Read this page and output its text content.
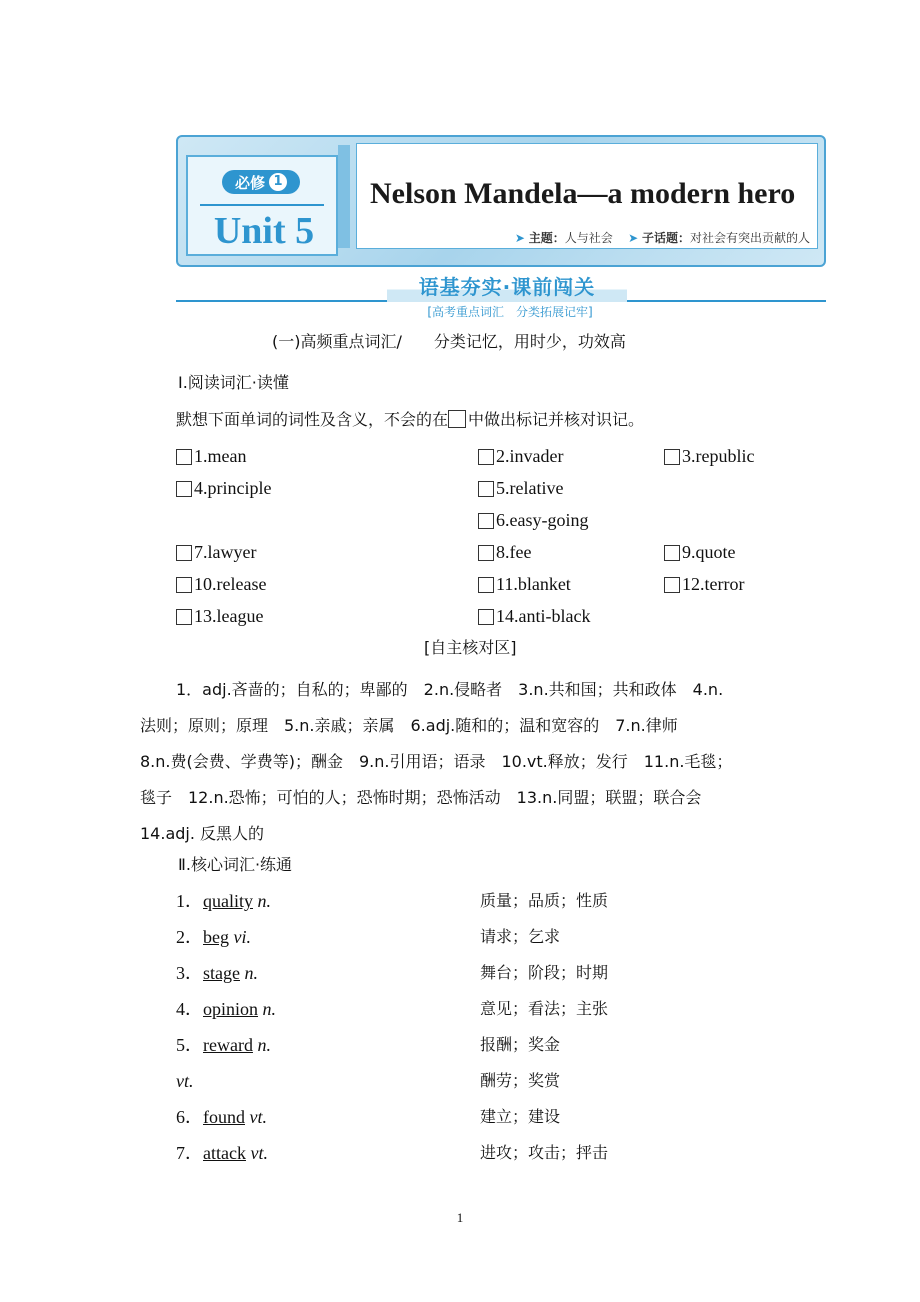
必修 1
Unit 5
Nelson Mandela—a modern hero
➤ 主题：人与社会 ➤ 子话题：对社会有突出贡献的人
语基夯实·课前闯关
[高考重点词汇　分类拓展记牢]
(一)高频重点词汇/　　分类记忆，用时少，功效高
Ⅰ.阅读词汇·读懂
默想下面单词的词性及含义，不会的在 中做出标记并核对识记。
1.mean	2.invader	3.republic
4.principle	5.relative
6.easy-going
7.lawyer	8.fee	9.quote
10.release	11.blanket	12.terror
13.league	14.anti-black
[自主核对区]
1．adj.吝啬的；自私的；卑鄙的　2.n.侵略者　3.n.共和国；共和政体　4.n.
法则；原则；原理　5.n.亲戚；亲属　6.adj.随和的；温和宽容的　7.n.律师
8.n.费(会费、学费等)；酬金　9.n.引用语；语录　10.vt.释放；发行　11.n.毛毯；
毯子　12.n.恐怖；可怕的人；恐怖时期；恐怖活动　13.n.同盟；联盟；联合会
14.adj. 反黑人的
Ⅱ.核心词汇·练通
1．quality n.	质量；品质；性质
2．beg vi.	请求；乞求
3．stage n.	舞台；阶段；时期
4．opinion n.	意见；看法；主张
5．reward n.	报酬；奖金
vt.	酬劳；奖赏
6．found vt.	建立；建设
7．attack vt.	进攻；攻击；抨击
1
